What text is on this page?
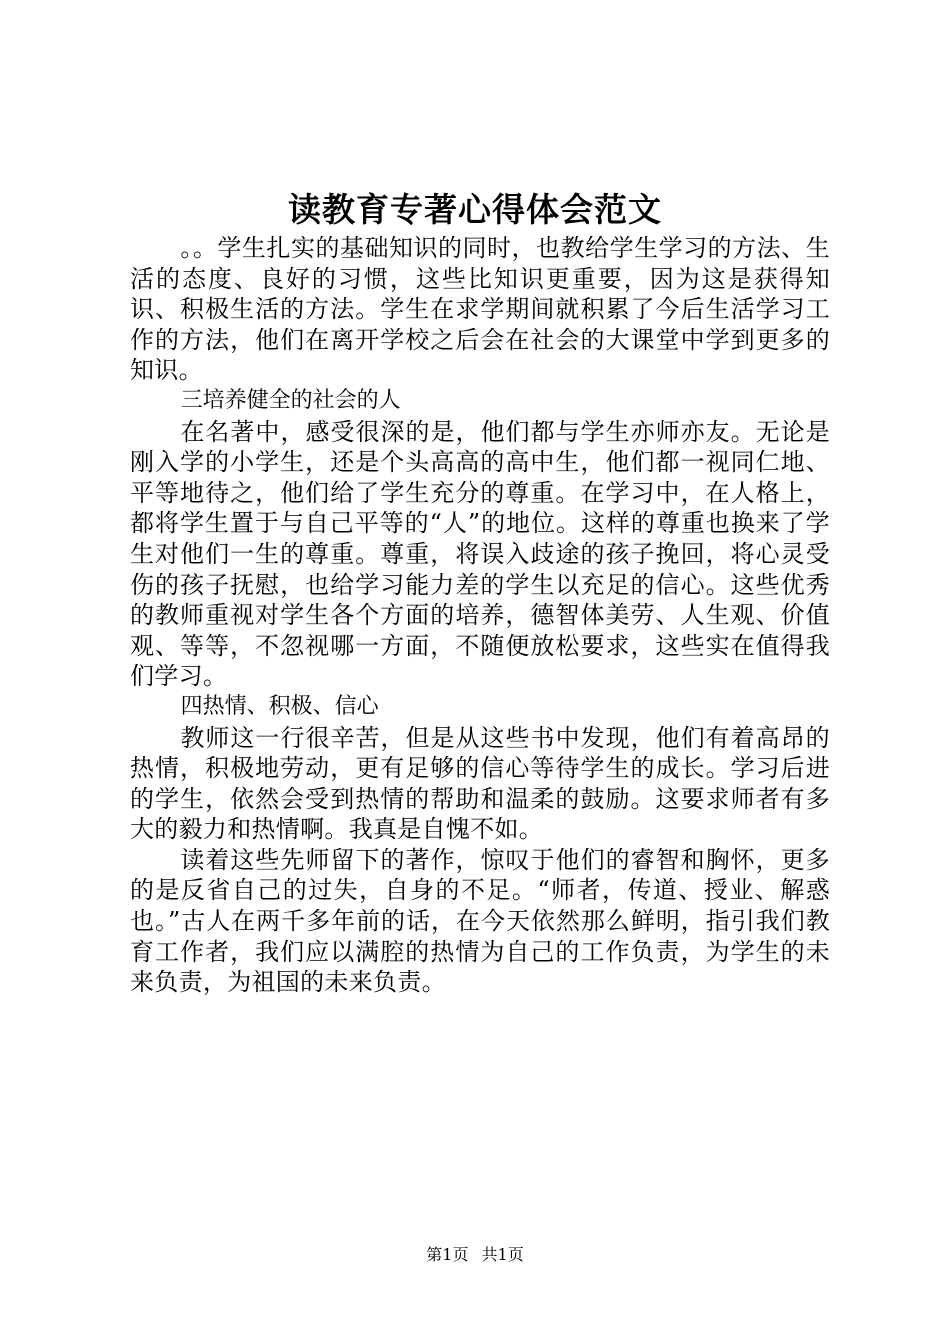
读教育专著心得体会范文

。。学生扎实的基础知识的同时，也教给学生学习的方法、生活的态度、良好的习惯，这些比知识更重要，因为这是获得知识、积极生活的方法。学生在求学期间就积累了今后生活学习工作的方法，他们在离开学校之后会在社会的大课堂中学到更多的知识。

三培养健全的社会的人

在名著中，感受很深的是，他们都与学生亦师亦友。无论是刚入学的小学生，还是个头高高的高中生，他们都一视同仁地、平等地待之，他们给了学生充分的尊重。在学习中，在人格上，都将学生置于与自己平等的“人”的地位。这样的尊重也换来了学生对他们一生的尊重。尊重，将误入歧途的孩子挽回，将心灵受伤的孩子抚慰，也给学习能力差的学生以充足的信心。这些优秀的教师重视对学生各个方面的培养，德智体美劳、人生观、价值观、等等，不忽视哪一方面，不随便放松要求，这些实在值得我们学习。

四热情、积极、信心

教师这一行很辛苦，但是从这些书中发现，他们有着高昂的热情，积极地劳动，更有足够的信心等待学生的成长。学习后进的学生，依然会受到热情的帮助和温柔的鼓励。这要求师者有多大的毅力和热情啊。我真是自愧不如。

读着这些先师留下的著作，惊叹于他们的睿智和胸怀，更多的是反省自己的过失，自身的不足。“师者，传道、授业、解惑也。”古人在两千多年前的话，在今天依然那么鲜明，指引我们教育工作者，我们应以满腔的热情为自己的工作负责，为学生的未来负责，为祖国的未来负责。

第1页 共1页
